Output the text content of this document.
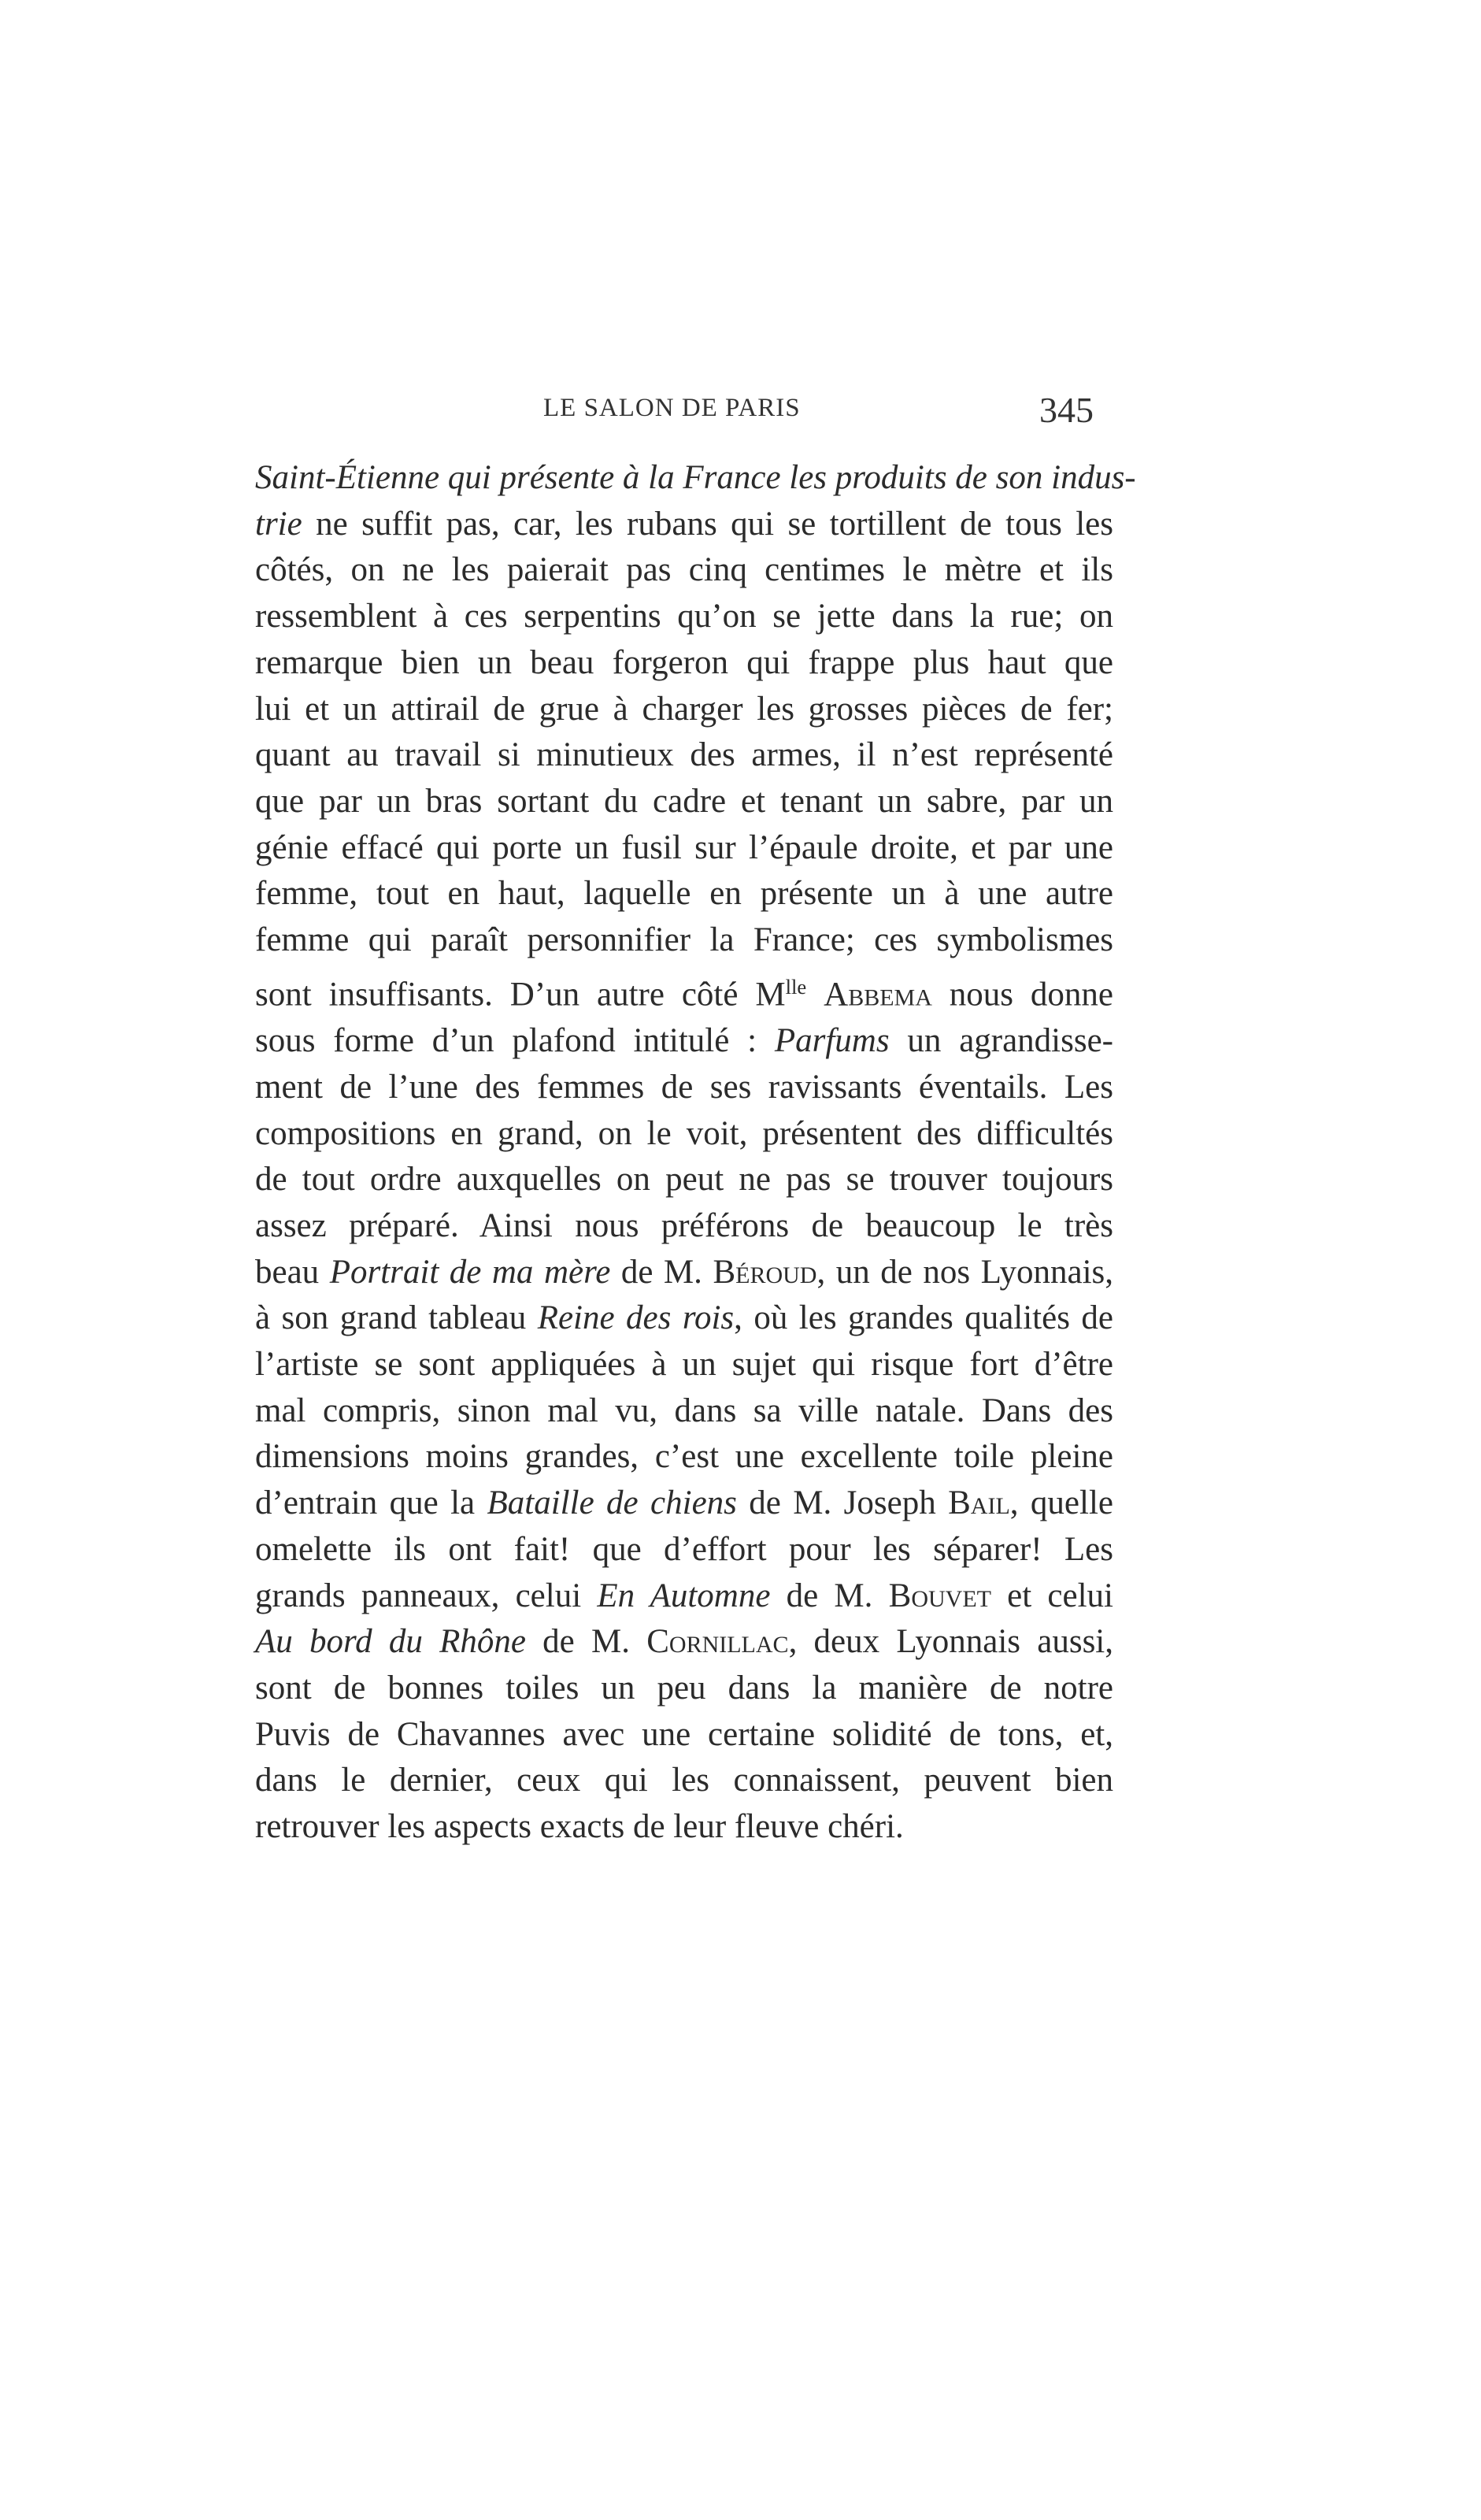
LE SALON DE PARIS	345
Saint-Étienne qui présente à la France les produits de son indus-
trie ne suffit pas, car, les rubans qui se tortillent de tous les
côtés, on ne les paierait pas cinq centimes le mètre et ils
ressemblent à ces serpentins qu’on se jette dans la rue; on
remarque bien un beau forgeron qui frappe plus haut que
lui et un attirail de grue à charger les grosses pièces de fer;
quant au travail si minutieux des armes, il n’est représenté
que par un bras sortant du cadre et tenant un sabre, par un
génie effacé qui porte un fusil sur l’épaule droite, et par une
femme, tout en haut, laquelle en présente un à une autre
femme qui paraît personnifier la France; ces symbolismes
sont insuffisants. D’un autre côté $M^{lle}$ Abbema nous donne
sous forme d’un plafond intitulé : Parfums un agrandisse-
ment de l’une des femmes de ses ravissants éventails. Les
compositions en grand, on le voit, présentent des difficultés
de tout ordre auxquelles on peut ne pas se trouver toujours
assez préparé. Ainsi nous préférons de beaucoup le très
beau Portrait de ma mère de M. Béroud, un de nos Lyonnais,
à son grand tableau Reine des rois, où les grandes qualités de
l’artiste se sont appliquées à un sujet qui risque fort d’être
mal compris, sinon mal vu, dans sa ville natale. Dans des
dimensions moins grandes, c’est une excellente toile pleine
d’entrain que la Bataille de chiens de M. Joseph Bail, quelle
omelette ils ont fait! que d’effort pour les séparer! Les
grands panneaux, celui En Automne de M. Bouvet et celui
Au bord du Rhône de M. Cornillac, deux Lyonnais aussi,
sont de bonnes toiles un peu dans la manière de notre
Puvis de Chavannes avec une certaine solidité de tons, et,
dans le dernier, ceux qui les connaissent, peuvent bien
retrouver les aspects exacts de leur fleuve chéri.
